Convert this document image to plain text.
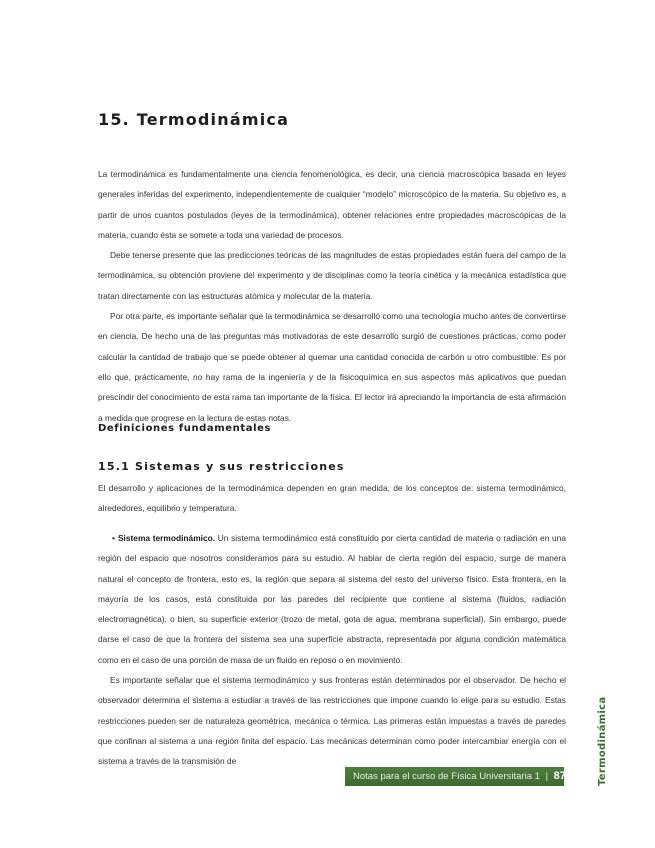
15. Termodinámica

La termodinámica es fundamentalmente una ciencia fenomenológica, es decir, una ciencia macroscópica basada en leyes generales inferidas del experimento, independientemente de cualquier “modelo” microscópico de la materia. Su objetivo es, a partir de unos cuantos postulados (leyes de la termodinámica), obtener relaciones entre propiedades macroscópicas de la materia, cuando ésta se somete a toda una variedad de procesos.

Debe tenerse presente que las predicciones teóricas de las magnitudes de estas propiedades están fuera del campo de la termodinámica, su obtención proviene del experimento y de disciplinas como la teoría cinética y la mecánica estadística que tratan directamente con las estructuras atómica y molecular de la materia.

Por otra parte, es importante señalar que la termodinámica se desarrolló como una tecnología mucho antes de convertirse en ciencia. De hecho una de las preguntas más motivadoras de este desarrollo surgió de cuestiones prácticas, como poder calcular la cantidad de trabajo que se puede obtener al quemar una cantidad conocida de carbón u otro combustible. Es por ello que, prácticamente, no hay rama de la ingeniería y de la fisicoquímica en sus aspectos más aplicativos que puedan prescindir del conocimiento de esta rama tan importante de la física. El lector irá apreciando la importancia de esta afirmación a medida que progrese en la lectura de estas notas.

Definiciones fundamentales
15.1 Sistemas y sus restricciones

El desarrollo y aplicaciones de la termodinámica dependen en gran medida, de los conceptos de: sistema termodinámico, alrededores, equilibrio y temperatura.

• Sistema termodinámico. Un sistema termodinámico está constituido por cierta cantidad de materia o radiación en una región del espacio que nosotros consideramos para su estudio. Al hablar de cierta región del espacio, surge de manera natural el concepto de frontera, esto es, la región que separa al sistema del resto del universo físico. Esta frontera, en la mayoría de los casos, está constituida por las paredes del recipiente que contiene al sistema (fluidos, radiación electromagnética), o bien, su superficie exterior (trozo de metal, gota de agua, membrana superficial). Sin embargo, puede darse el caso de que la frontera del sistema sea una superficie abstracta, representada por alguna condición matemática como en el caso de una porción de masa de un fluido en reposo o en movimiento.

Es importante señalar que el sistema termodinámico y sus fronteras están determinados por el observador. De hecho el observador determina el sistema a estudiar a través de las restricciones que impone cuando lo elige para su estudio. Estas restricciones pueden ser de naturaleza geométrica, mecánica o térmica. Las primeras están impuestas a través de paredes que confinan al sistema a una región finita del espacio. Las mecánicas determinan como poder intercambiar energía con el sistema a través de la transmisión de

Notas para el curso de Física Universitaria 1 | 87	Termodinámica
